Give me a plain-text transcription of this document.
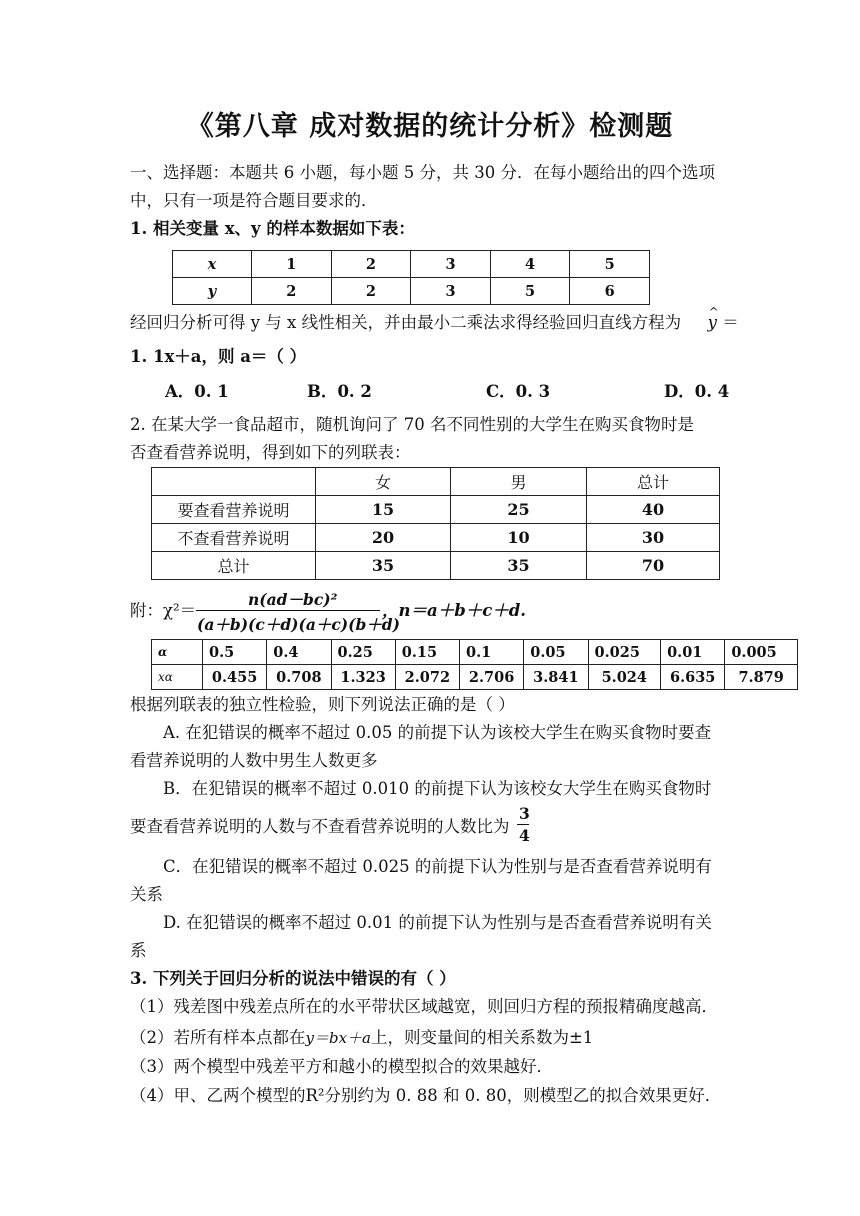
《第八章 成对数据的统计分析》检测题
一、选择题：本题共 6 小题，每小题 5 分，共 30 分．在每小题给出的四个选项
中，只有一项是符合题目要求的．
1. 相关变量 x、y 的样本数据如下表：
x	1	2	3	4	5
y	2	2	3	5	6
经回归分析可得 y 与 x 线性相关，并由最小二乘法求得经验回归直线方程为 ^ y ＝
1. 1x＋a，则 a＝（ ）
A．0. 1	B．0. 2	C．0. 3	D．0. 4
2. 在某大学一食品超市，随机询问了 70 名不同性别的大学生在购买食物时是
否查看营养说明，得到如下的列联表：
	女	男	总计
要查看营养说明	15	25	40
不查看营养说明	20	10	30
总计	35	35	70
附：χ²＝
n(ad－bc)²
(a＋b)(c＋d)(a＋c)(b＋d)
，n＝a＋b＋c＋d.
α	0.5	0.4	0.25	0.15	0.1	0.05	0.025	0.01	0.005
xα	0.455	0.708	1.323	2.072	2.706	3.841	5.024	6.635	7.879
根据列联表的独立性检验，则下列说法正确的是（ ）
A. 在犯错误的概率不超过 0.05 的前提下认为该校大学生在购买食物时要查
看营养说明的人数中男生人数更多
B．在犯错误的概率不超过 0.010 的前提下认为该校女大学生在购买食物时
要查看营养说明的人数与不查看营养说明的人数比为
3
4
C．在犯错误的概率不超过 0.025 的前提下认为性别与是否查看营养说明有
关系
D. 在犯错误的概率不超过 0.01 的前提下认为性别与是否查看营养说明有关
系
3. 下列关于回归分析的说法中错误的有（ ）
（1）残差图中残差点所在的水平带状区域越宽，则回归方程的预报精确度越高．
（2）若所有样本点都在y＝bx＋a上，则变量间的相关系数为±1
（3）两个模型中残差平方和越小的模型拟合的效果越好．
（4）甲、乙两个模型的R²分别约为 0. 88 和 0. 80，则模型乙的拟合效果更好．
